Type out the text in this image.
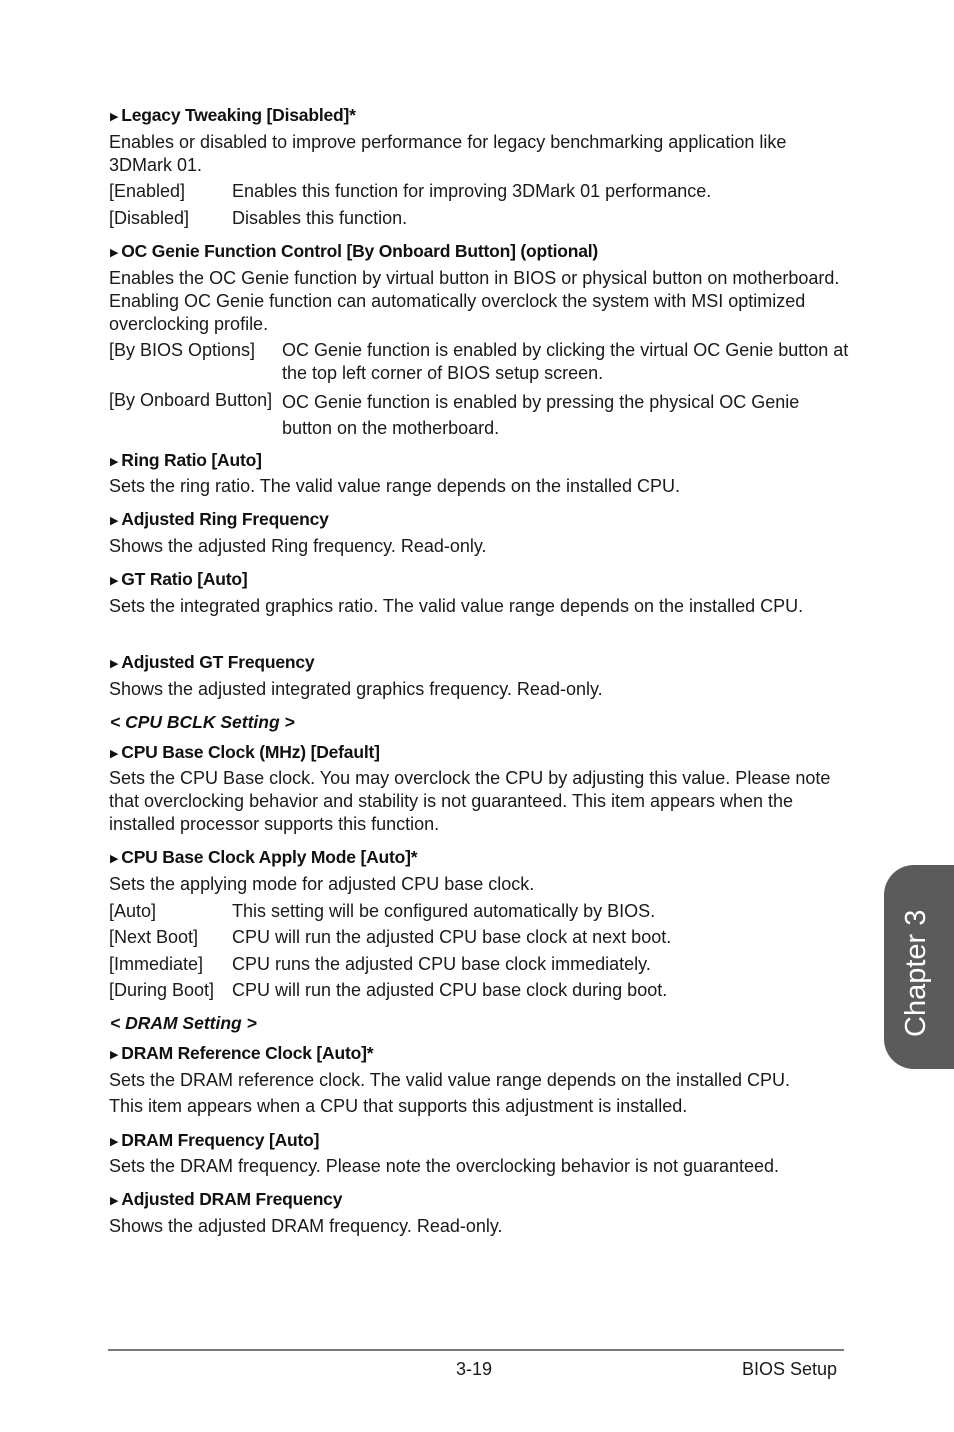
▶ Legacy Tweaking [Disabled]*
Enables or disabled to improve performance for legacy benchmarking application like 3DMark 01.
[Enabled]	Enables this function for improving 3DMark 01 performance.
[Disabled] Disables this function.
▶ OC Genie Function Control [By Onboard Button] (optional)
Enables the OC Genie function by virtual button in BIOS or physical button on motherboard. Enabling OC Genie function can automatically overclock the system with MSI optimized overclocking profile.
[By BIOS Options] OC Genie function is enabled by clicking the virtual OC Genie button at the top left corner of BIOS setup screen.
[By Onboard Button] OC Genie function is enabled by pressing the physical OC Genie button on the motherboard.
▶ Ring Ratio [Auto]
Sets the ring ratio. The valid value range depends on the installed CPU.
▶ Adjusted Ring Frequency
Shows the adjusted Ring frequency. Read-only.
▶ GT Ratio [Auto]
Sets the integrated graphics ratio. The valid value range depends on the installed CPU.
▶ Adjusted GT Frequency
Shows the adjusted integrated graphics frequency. Read-only.
< CPU BCLK Setting >
▶ CPU Base Clock (MHz) [Default]
Sets the CPU Base clock. You may overclock the CPU by adjusting this value. Please note that overclocking behavior and stability is not guaranteed. This item appears when the installed processor supports this function.
▶ CPU Base Clock Apply Mode [Auto]*
Sets the applying mode for adjusted CPU base clock.
[Auto]	This setting will be configured automatically by BIOS.
[Next Boot] CPU will run the adjusted CPU base clock at next boot.
[Immediate] CPU runs the adjusted CPU base clock immediately.
[During Boot] CPU will run the adjusted CPU base clock during boot.
< DRAM Setting >
▶ DRAM Reference Clock [Auto]*
Sets the DRAM reference clock. The valid value range depends on the installed CPU.
This item appears when a CPU that supports this adjustment is installed.
▶ DRAM Frequency [Auto]
Sets the DRAM frequency. Please note the overclocking behavior is not guaranteed.
▶ Adjusted DRAM Frequency
Shows the adjusted DRAM frequency. Read-only.
Chapter 3
3-19	BIOS Setup
